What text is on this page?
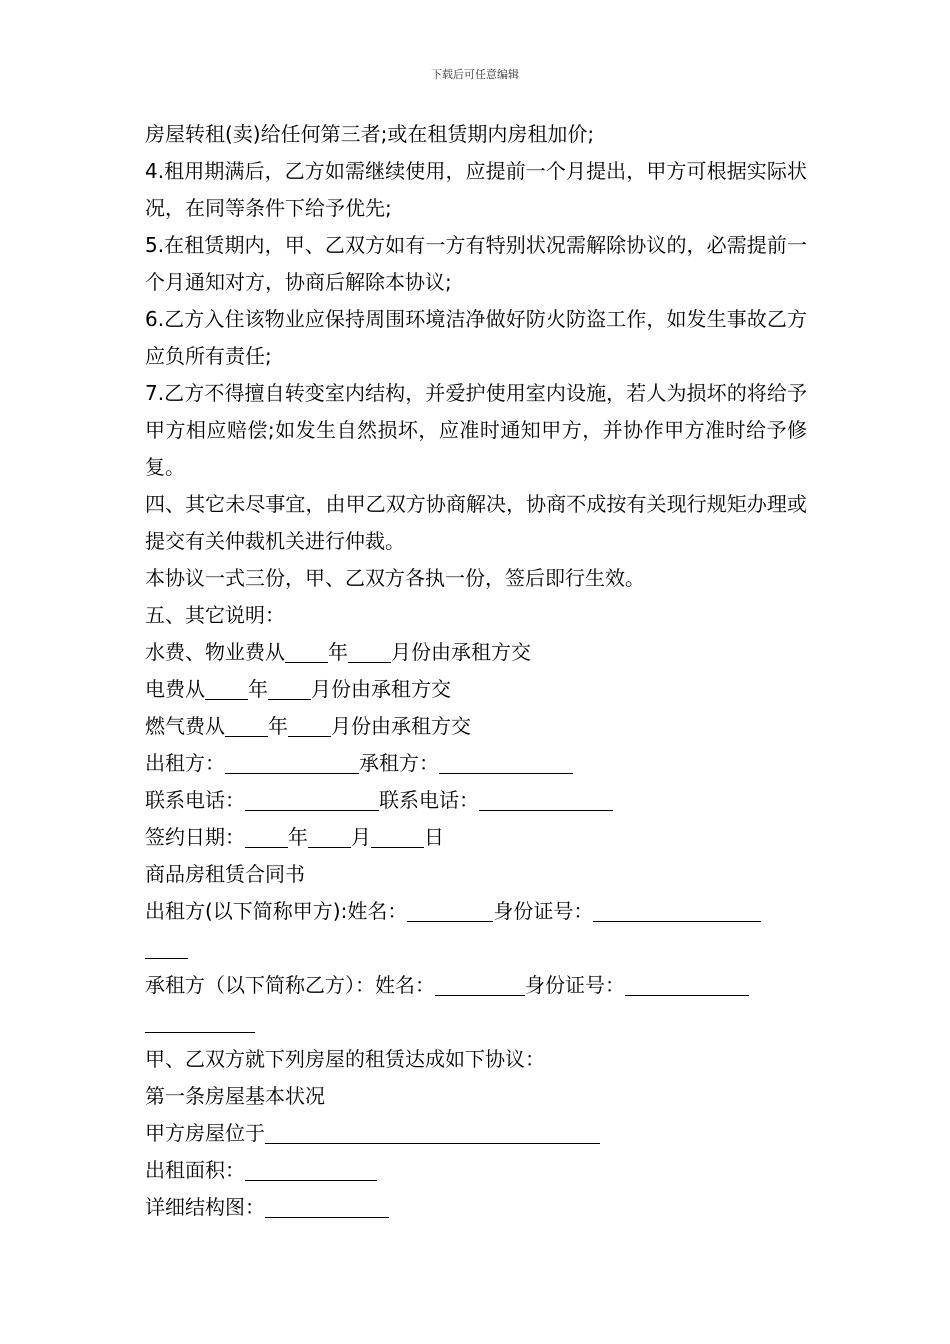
下载后可任意编辑
房屋转租(卖)给任何第三者;或在租赁期内房租加价;
4.租用期满后，乙方如需继续使用，应提前一个月提出，甲方可根据实际状况，在同等条件下给予优先;
5.在租赁期内，甲、乙双方如有一方有特别状况需解除协议的，必需提前一个月通知对方，协商后解除本协议;
6.乙方入住该物业应保持周围环境洁净做好防火防盗工作，如发生事故乙方应负所有责任;
7.乙方不得擅自转变室内结构，并爱护使用室内设施，若人为损坏的将给予甲方相应赔偿;如发生自然损坏，应准时通知甲方，并协作甲方准时给予修复。
四、其它未尽事宜，由甲乙双方协商解决，协商不成按有关现行规矩办理或提交有关仲裁机关进行仲裁。
本协议一式三份，甲、乙双方各执一份，签后即行生效。
五、其它说明：
水费、物业费从 年 月份由承租方交
电费从 年 月份由承租方交
燃气费从 年 月份由承租方交
出租方：	承租方：
联系电话：	联系电话：
签约日期： 年 月	日
商品房租赁合同书
出租方(以下简称甲方):姓名：	身份证号：
承租方（以下简称乙方）：姓名：	身份证号：
甲、乙双方就下列房屋的租赁达成如下协议：
第一条房屋基本状况
甲方房屋位于
出租面积：
详细结构图：
